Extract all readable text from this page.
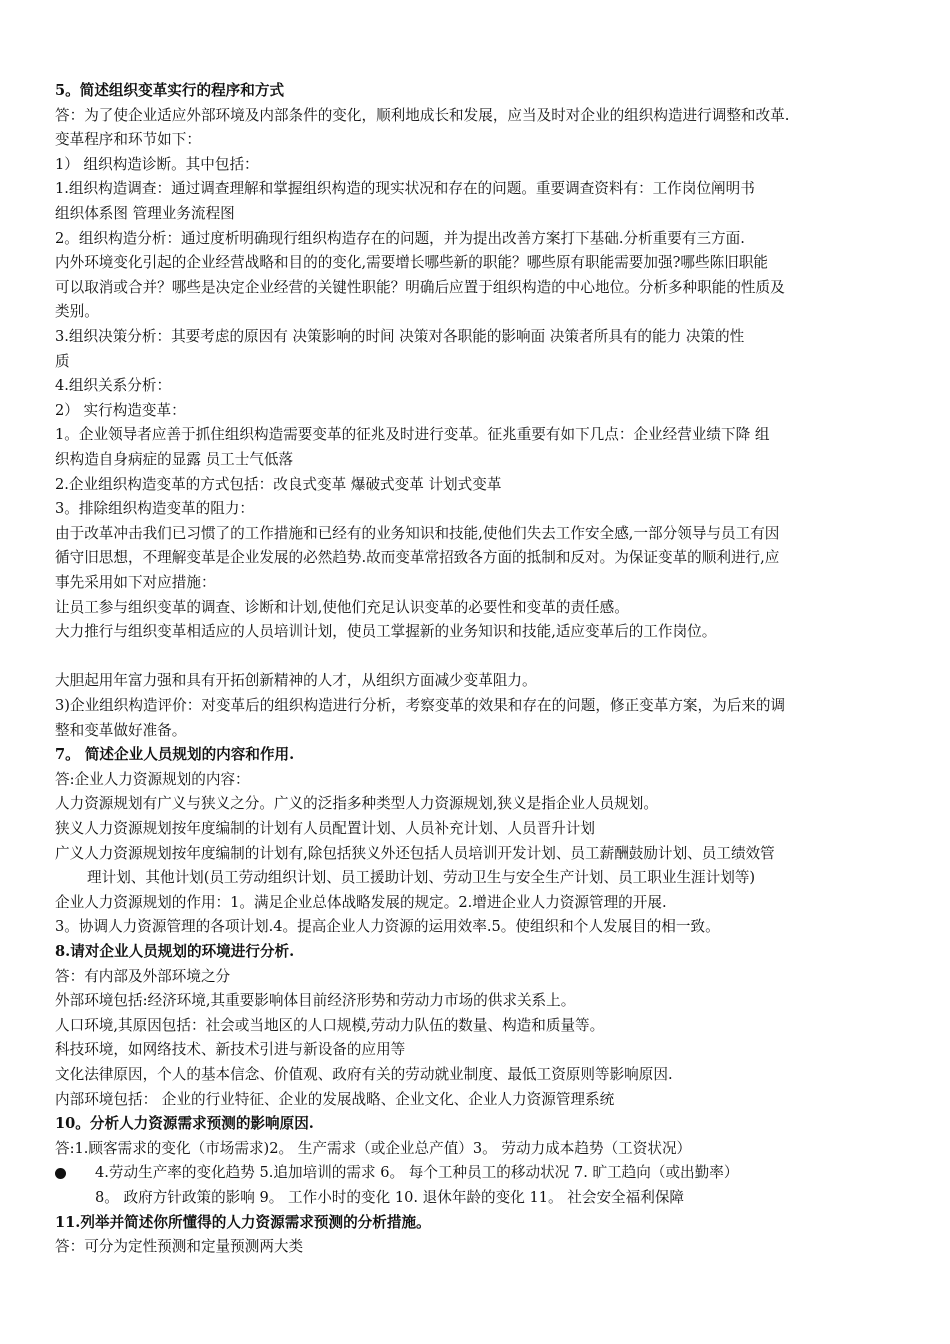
5。简述组织变革实行的程序和方式
答：为了使企业适应外部环境及内部条件的变化，顺利地成长和发展，应当及时对企业的组织构造进行调整和改革.
变革程序和环节如下：
1） 组织构造诊断。其中包括：
1.组织构造调查：通过调查理解和掌握组织构造的现实状况和存在的问题。重要调查资料有：工作岗位阐明书
组织体系图 管理业务流程图
2。组织构造分析：通过度析明确现行组织构造存在的问题，并为提出改善方案打下基础.分析重要有三方面.
内外环境变化引起的企业经营战略和目的的变化,需要增长哪些新的职能？哪些原有职能需要加强?哪些陈旧职能
可以取消或合并？哪些是决定企业经营的关键性职能？明确后应置于组织构造的中心地位。分析多种职能的性质及
类别。
3.组织决策分析：其要考虑的原因有 决策影响的时间 决策对各职能的影响面 决策者所具有的能力 决策的性
质
4.组织关系分析：
2） 实行构造变革：
1。企业领导者应善于抓住组织构造需要变革的征兆及时进行变革。征兆重要有如下几点：企业经营业绩下降 组
织构造自身病症的显露 员工士气低落
2.企业组织构造变革的方式包括：改良式变革 爆破式变革 计划式变革
3。排除组织构造变革的阻力：
由于改革冲击我们已习惯了的工作措施和已经有的业务知识和技能,使他们失去工作安全感,一部分领导与员工有因
循守旧思想，不理解变革是企业发展的必然趋势.故而变革常招致各方面的抵制和反对。为保证变革的顺利进行,应
事先采用如下对应措施：
让员工参与组织变革的调查、诊断和计划,使他们充足认识变革的必要性和变革的责任感。
大力推行与组织变革相适应的人员培训计划，使员工掌握新的业务知识和技能,适应变革后的工作岗位。
大胆起用年富力强和具有开拓创新精神的人才，从组织方面减少变革阻力。
3)企业组织构造评价：对变革后的组织构造进行分析，考察变革的效果和存在的问题，修正变革方案，为后来的调
整和变革做好准备。
7。 简述企业人员规划的内容和作用.
答:企业人力资源规划的内容：
人力资源规划有广义与狭义之分。广义的泛指多种类型人力资源规划,狭义是指企业人员规划。
狭义人力资源规划按年度编制的计划有人员配置计划、人员补充计划、人员晋升计划
广义人力资源规划按年度编制的计划有,除包括狭义外还包括人员培训开发计划、员工薪酬鼓励计划、员工绩效管
理计划、其他计划(员工劳动组织计划、员工援助计划、劳动卫生与安全生产计划、员工职业生涯计划等)
企业人力资源规划的作用：1。满足企业总体战略发展的规定。2.增进企业人力资源管理的开展.
3。协调人力资源管理的各项计划.4。提高企业人力资源的运用效率.5。使组织和个人发展目的相一致。
8.请对企业人员规划的环境进行分析.
答：有内部及外部环境之分
外部环境包括:经济环境,其重要影响体目前经济形势和劳动力市场的供求关系上。
人口环境,其原因包括：社会或当地区的人口规模,劳动力队伍的数量、构造和质量等。
科技环境，如网络技术、新技术引进与新设备的应用等
文化法律原因，个人的基本信念、价值观、政府有关的劳动就业制度、最低工资原则等影响原因.
内部环境包括： 企业的行业特征、企业的发展战略、企业文化、企业人力资源管理系统
10。分析人力资源需求预测的影响原因.
答:1.顾客需求的变化（市场需求)2。 生产需求（或企业总产值）3。 劳动力成本趋势（工资状况）
4.劳动生产率的变化趋势 5.追加培训的需求 6。 每个工种员工的移动状况 7. 旷工趋向（或出勤率）
8。 政府方针政策的影响 9。 工作小时的变化 10. 退休年龄的变化 11。 社会安全福利保障
11.列举并简述你所懂得的人力资源需求预测的分析措施。
答：可分为定性预测和定量预测两大类
